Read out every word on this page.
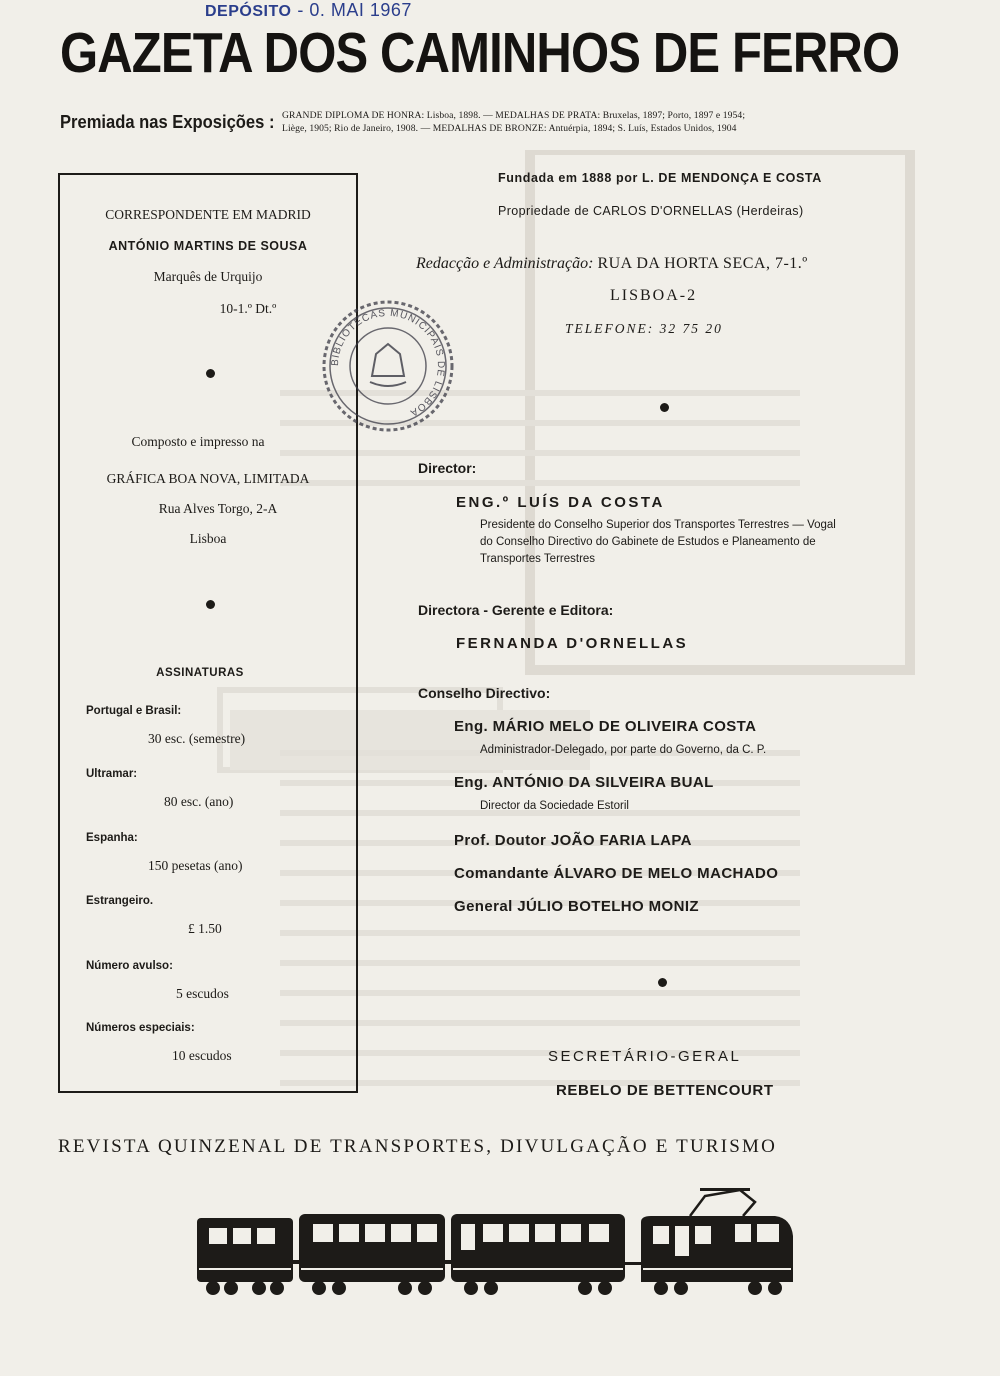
DEPÓSITO - 0. MAI 1967
GAZETA DOS CAMINHOS DE FERRO
Premiada nas Exposições : GRANDE DIPLOMA DE HONRA: Lisboa, 1898. — MEDALHAS DE PRATA: Bruxelas, 1897; Porto, 1897 e 1954;
Liège, 1905; Rio de Janeiro, 1908. — MEDALHAS DE BRONZE: Antuérpia, 1894; S. Luís, Estados Unidos, 1904
CORRESPONDENTE EM MADRID
ANTÓNIO MARTINS DE SOUSA
Marquês de Urquijo
10-1.º Dt.º
Composto e impresso na
GRÁFICA BOA NOVA, LIMITADA
Rua Alves Torgo, 2-A
Lisboa
ASSINATURAS
Portugal e Brasil:
30 esc. (semestre)
Ultramar:
80 esc. (ano)
Espanha:
150 pesetas (ano)
Estrangeiro.
£ 1.50
Número avulso:
5 escudos
Números especiais:
10 escudos
BIBLIOTECAS MUNICIPAIS DE LISBOA
Fundada em 1888 por L. DE MENDONÇA E COSTA
Propriedade de CARLOS D'ORNELLAS (Herdeiras)
Redacção e Administração: RUA DA HORTA SECA, 7-1.º
LISBOA-2
TELEFONE: 32 75 20
Director:
ENG.º LUÍS DA COSTA
Presidente do Conselho Superior dos Transportes Terrestres — Vogal
do Conselho Directivo do Gabinete de Estudos e Planeamento de
Transportes Terrestres
Directora - Gerente e Editora:
FERNANDA D'ORNELLAS
Conselho Directivo:
Eng. MÁRIO MELO DE OLIVEIRA COSTA
Administrador-Delegado, por parte do Governo, da C. P.
Eng. ANTÓNIO DA SILVEIRA BUAL
Director da Sociedade Estoril
Prof. Doutor JOÃO FARIA LAPA
Comandante ÁLVARO DE MELO MACHADO
General JÚLIO BOTELHO MONIZ
SECRETÁRIO-GERAL
REBELO DE BETTENCOURT
REVISTA QUINZENAL DE TRANSPORTES, DIVULGAÇÃO E TURISMO
